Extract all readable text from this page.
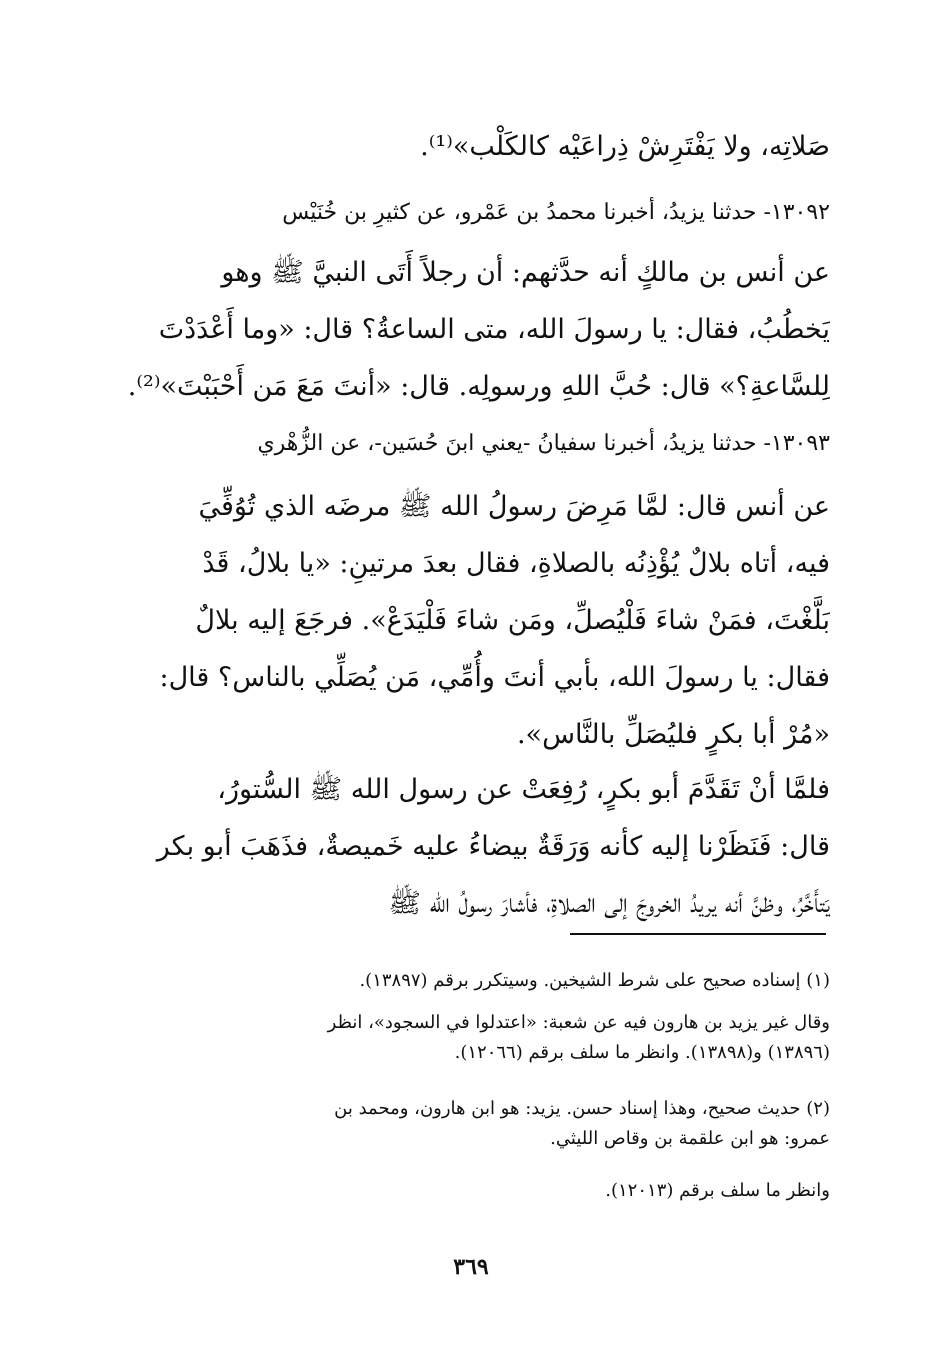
صَلاتِه، ولا يَفْتَرِشْ ذِراعَيْه كالكَلْب»⁽¹⁾.
١٣٠٩٢- حدثنا يزيدُ، أخبرنا محمدُ بن عَمْرو، عن كثيرِ بن خُنَيْس
عن أنس بن مالكٍ أنه حدَّثهم: أن رجلاً أَتَى النبيَّ ﷺ وهو
يَخطُبُ، فقال: يا رسولَ الله، متى الساعةُ؟ قال: «وما أَعْدَدْتَ
لِلسَّاعةِ؟» قال: حُبَّ اللهِ ورسولِه. قال: «أنتَ مَعَ مَن أَحْبَبْتَ»⁽²⁾.
١٣٠٩٣- حدثنا يزيدُ، أخبرنا سفيانُ -يعني ابنَ حُسَين-، عن الزُّهْري
عن أنس قال: لمَّا مَرِضَ رسولُ الله ﷺ مرضَه الذي تُوُفِّيَ
فيه، أتاه بلالٌ يُؤْذِنُه بالصلاةِ، فقال بعدَ مرتينِ: «يا بلالُ، قَدْ
بَلَّغْتَ، فمَنْ شاءَ فَلْيُصلِّ، ومَن شاءَ فَلْيَدَعْ». فرجَعَ إليه بلالٌ
فقال: يا رسولَ الله، بأبي أنتَ وأُمِّي، مَن يُصَلِّي بالناس؟ قال:
«مُرْ أبا بكرٍ فليُصَلِّ بالنَّاس».
فلمَّا أنْ تَقَدَّمَ أبو بكرٍ، رُفِعَتْ عن رسول الله ﷺ السُّتورُ،
قال: فَنَظَرْنا إليه كأنه وَرَقَةٌ بيضاءُ عليه خَميصةٌ، فذَهَبَ أبو بكر
يَتأَخَّرُ، وظنَّ أنه يريدُ الخروجَ إلى الصلاةِ، فأشارَ رسولُ الله ﷺ
(١) إسناده صحيح على شرط الشيخين. وسيتكرر برقم (١٣٨٩٧).
وقال غير يزيد بن هارون فيه عن شعبة: «اعتدلوا في السجود»، انظر
(١٣٨٩٦) و(١٣٨٩٨). وانظر ما سلف برقم (١٢٠٦٦).
(٢) حديث صحيح، وهذا إسناد حسن. يزيد: هو ابن هارون، ومحمد بن
عمرو: هو ابن علقمة بن وقاص الليثي.
وانظر ما سلف برقم (١٢٠١٣).
٣٦٩
